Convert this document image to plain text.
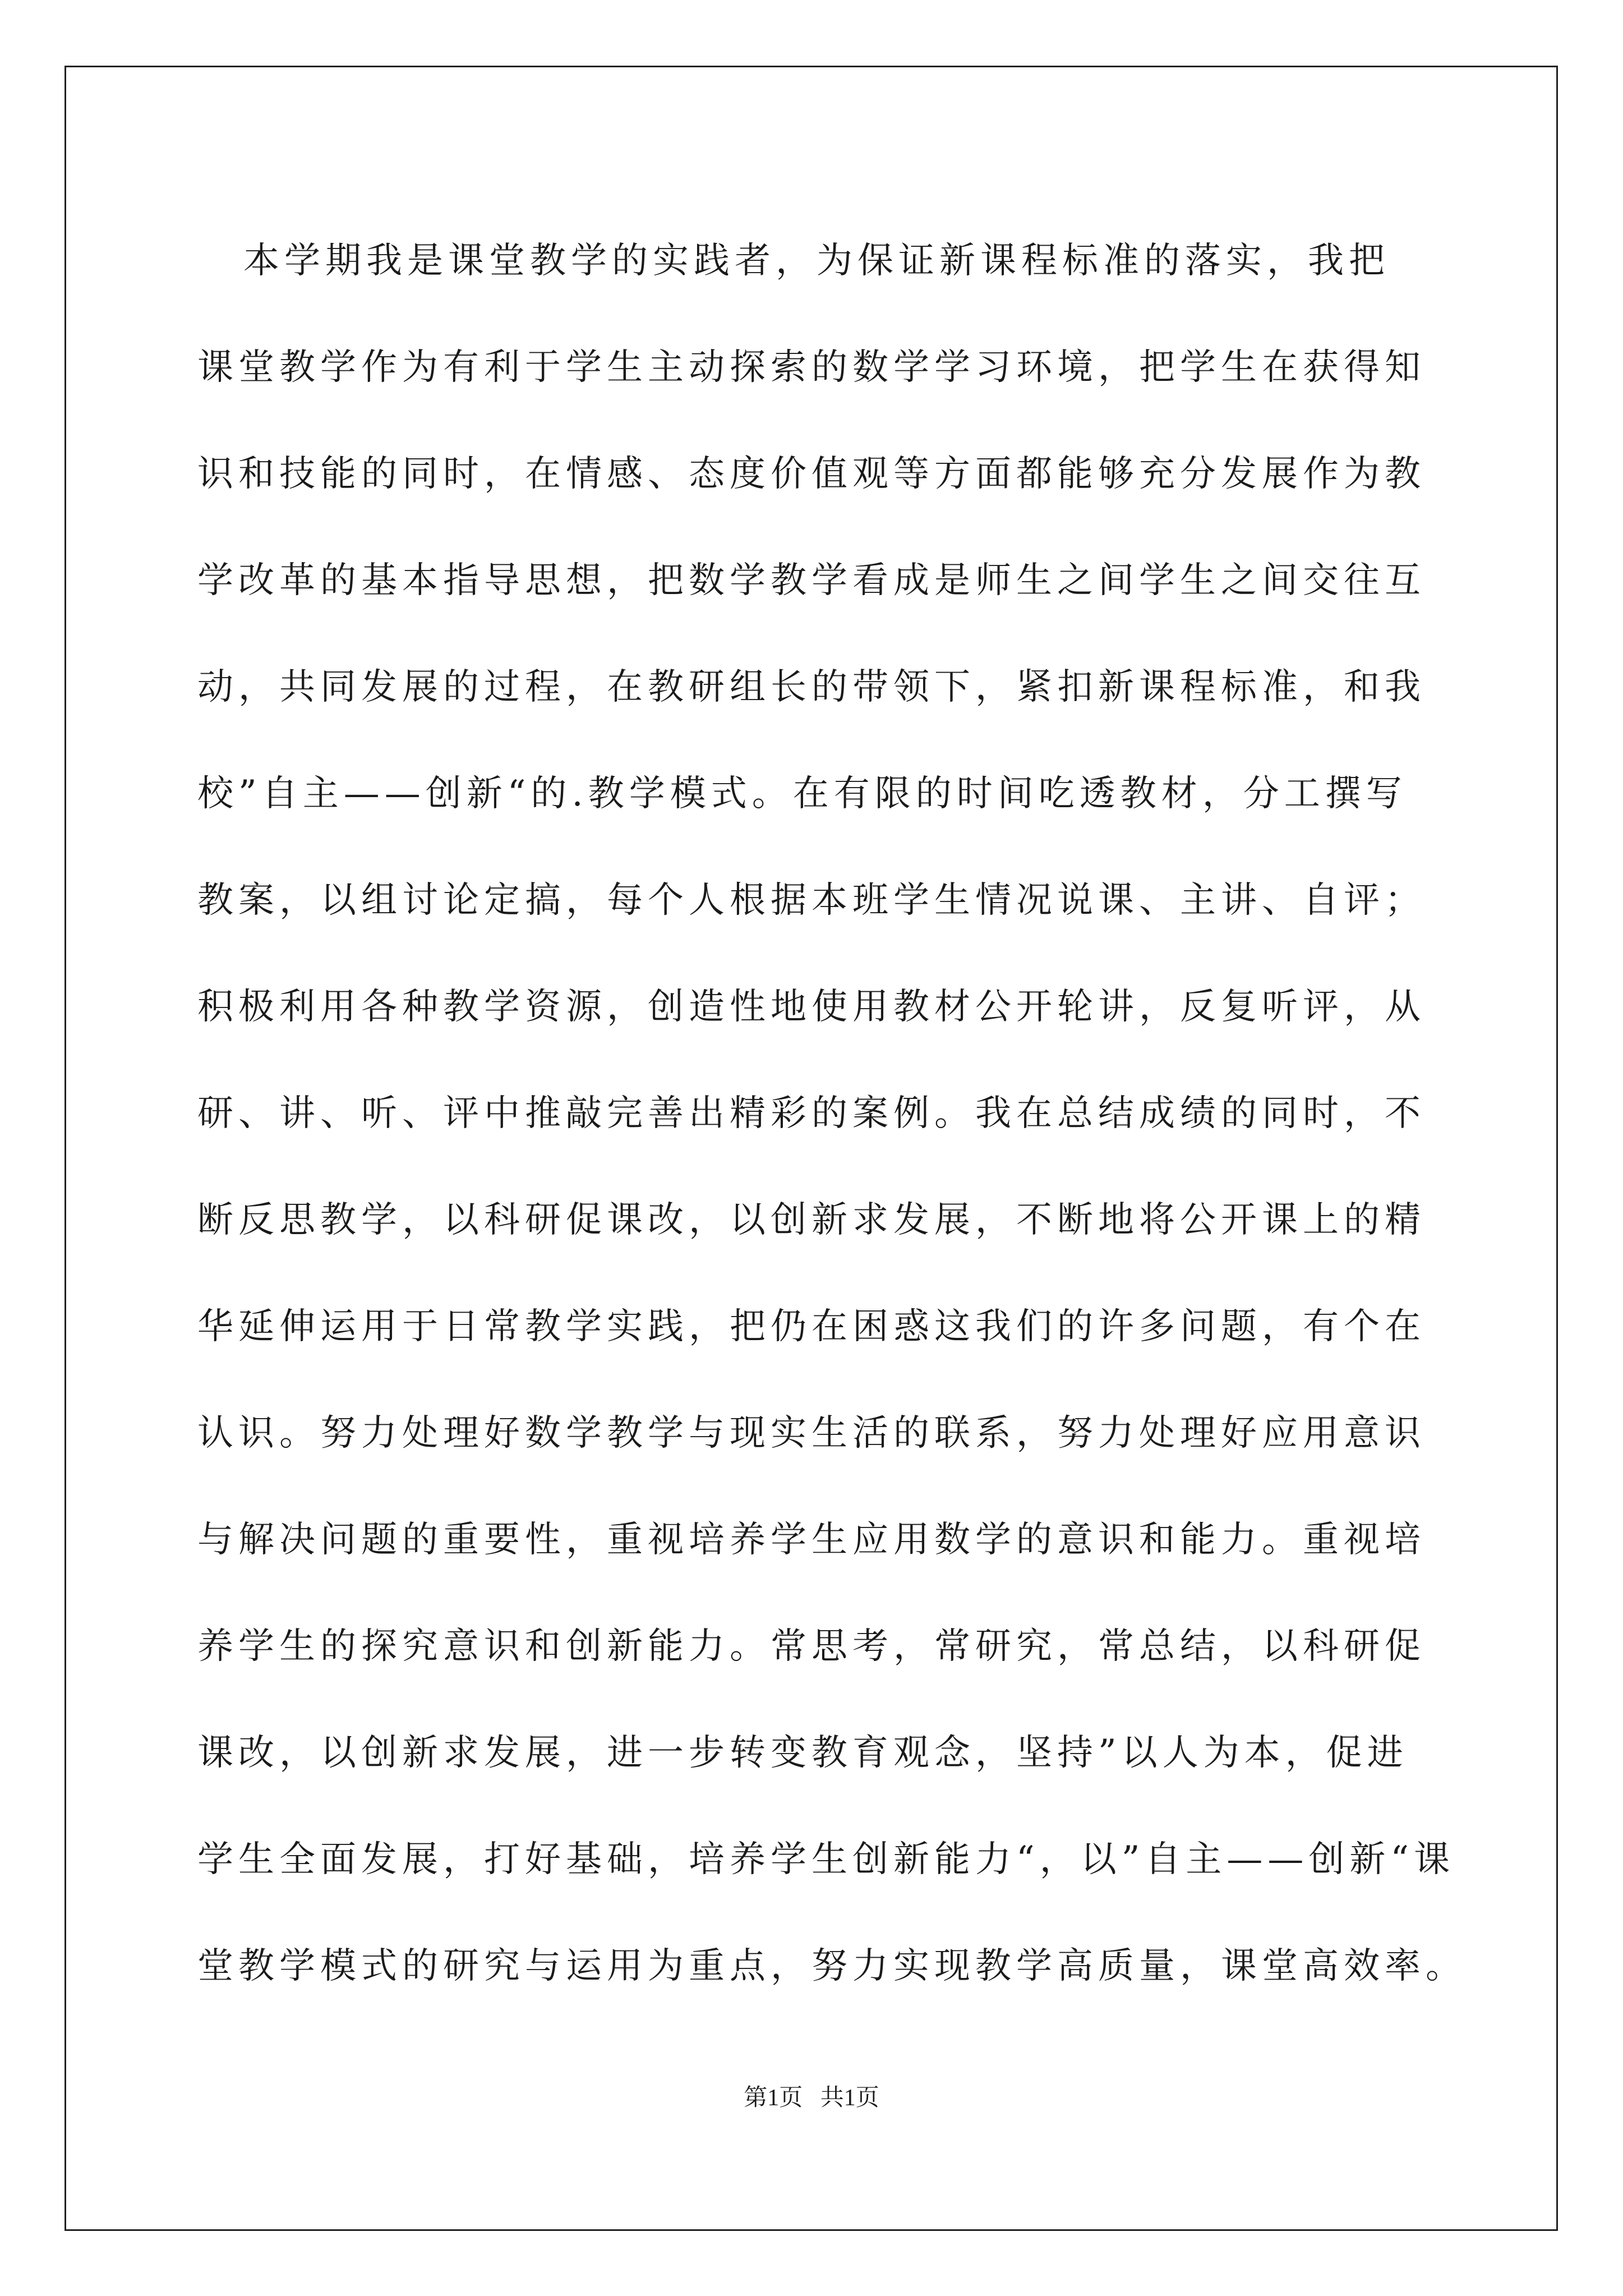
本学期我是课堂教学的实践者，为保证新课程标准的落实，我把
课堂教学作为有利于学生主动探索的数学学习环境，把学生在获得知
识和技能的同时，在情感、态度价值观等方面都能够充分发展作为教
学改革的基本指导思想，把数学教学看成是师生之间学生之间交往互
动，共同发展的过程，在教研组长的带领下，紧扣新课程标准，和我
校”自主——创新“的.教学模式。在有限的时间吃透教材，分工撰写
教案，以组讨论定搞，每个人根据本班学生情况说课、主讲、自评；
积极利用各种教学资源，创造性地使用教材公开轮讲，反复听评，从
研、讲、听、评中推敲完善出精彩的案例。我在总结成绩的同时，不
断反思教学，以科研促课改，以创新求发展，不断地将公开课上的精
华延伸运用于日常教学实践，把仍在困惑这我们的许多问题，有个在
认识。努力处理好数学教学与现实生活的联系，努力处理好应用意识
与解决问题的重要性，重视培养学生应用数学的意识和能力。重视培
养学生的探究意识和创新能力。常思考，常研究，常总结，以科研促
课改，以创新求发展，进一步转变教育观念，坚持”以人为本，促进
学生全面发展，打好基础，培养学生创新能力“，以”自主——创新“课
堂教学模式的研究与运用为重点，努力实现教学高质量，课堂高效率。
第1页   共1页
